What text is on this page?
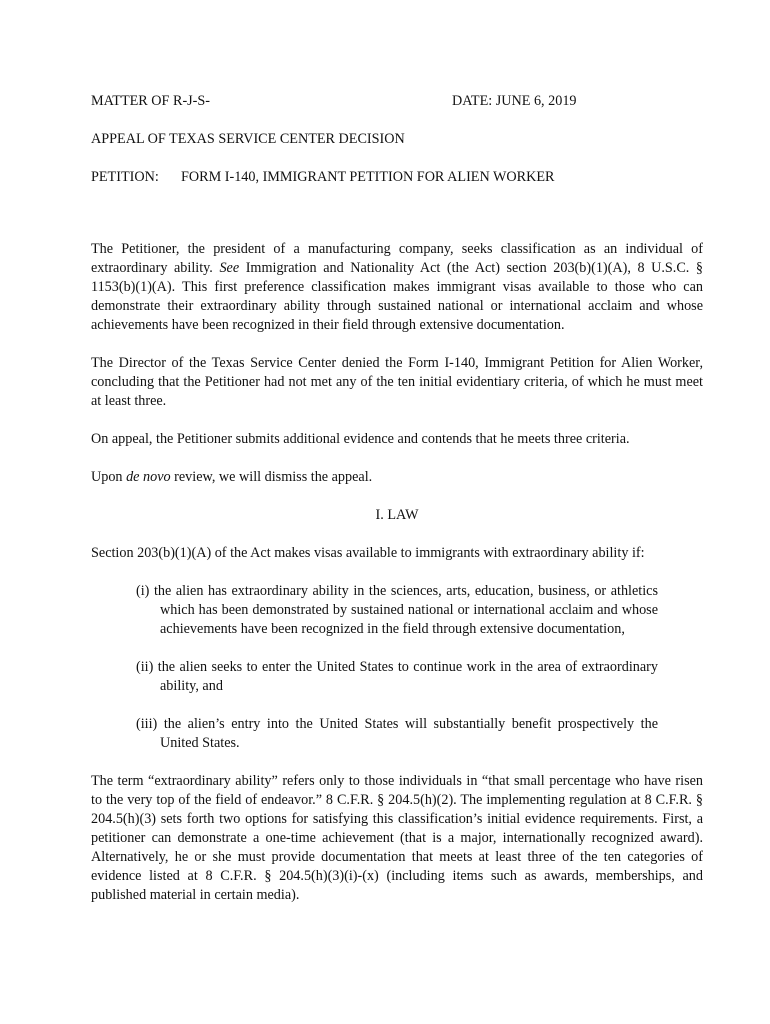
MATTER OF R-J-S-	DATE: JUNE 6, 2019
APPEAL OF TEXAS SERVICE CENTER DECISION
PETITION: FORM I-140, IMMIGRANT PETITION FOR ALIEN WORKER

The Petitioner, the president of a manufacturing company, seeks classification as an individual of extraordinary ability. See Immigration and Nationality Act (the Act) section 203(b)(1)(A), 8 U.S.C. § 1153(b)(1)(A). This first preference classification makes immigrant visas available to those who can demonstrate their extraordinary ability through sustained national or international acclaim and whose achievements have been recognized in their field through extensive documentation.

The Director of the Texas Service Center denied the Form I-140, Immigrant Petition for Alien Worker, concluding that the Petitioner had not met any of the ten initial evidentiary criteria, of which he must meet at least three.

On appeal, the Petitioner submits additional evidence and contends that he meets three criteria.

Upon de novo review, we will dismiss the appeal.

I. LAW

Section 203(b)(1)(A) of the Act makes visas available to immigrants with extraordinary ability if:

(i) the alien has extraordinary ability in the sciences, arts, education, business, or athletics which has been demonstrated by sustained national or international acclaim and whose achievements have been recognized in the field through extensive documentation,
(ii) the alien seeks to enter the United States to continue work in the area of extraordinary ability, and
(iii) the alien’s entry into the United States will substantially benefit prospectively the United States.

The term “extraordinary ability” refers only to those individuals in “that small percentage who have risen to the very top of the field of endeavor.” 8 C.F.R. § 204.5(h)(2). The implementing regulation at 8 C.F.R. § 204.5(h)(3) sets forth two options for satisfying this classification’s initial evidence requirements. First, a petitioner can demonstrate a one-time achievement (that is a major, internationally recognized award). Alternatively, he or she must provide documentation that meets at least three of the ten categories of evidence listed at 8 C.F.R. § 204.5(h)(3)(i)-(x) (including items such as awards, memberships, and published material in certain media).
